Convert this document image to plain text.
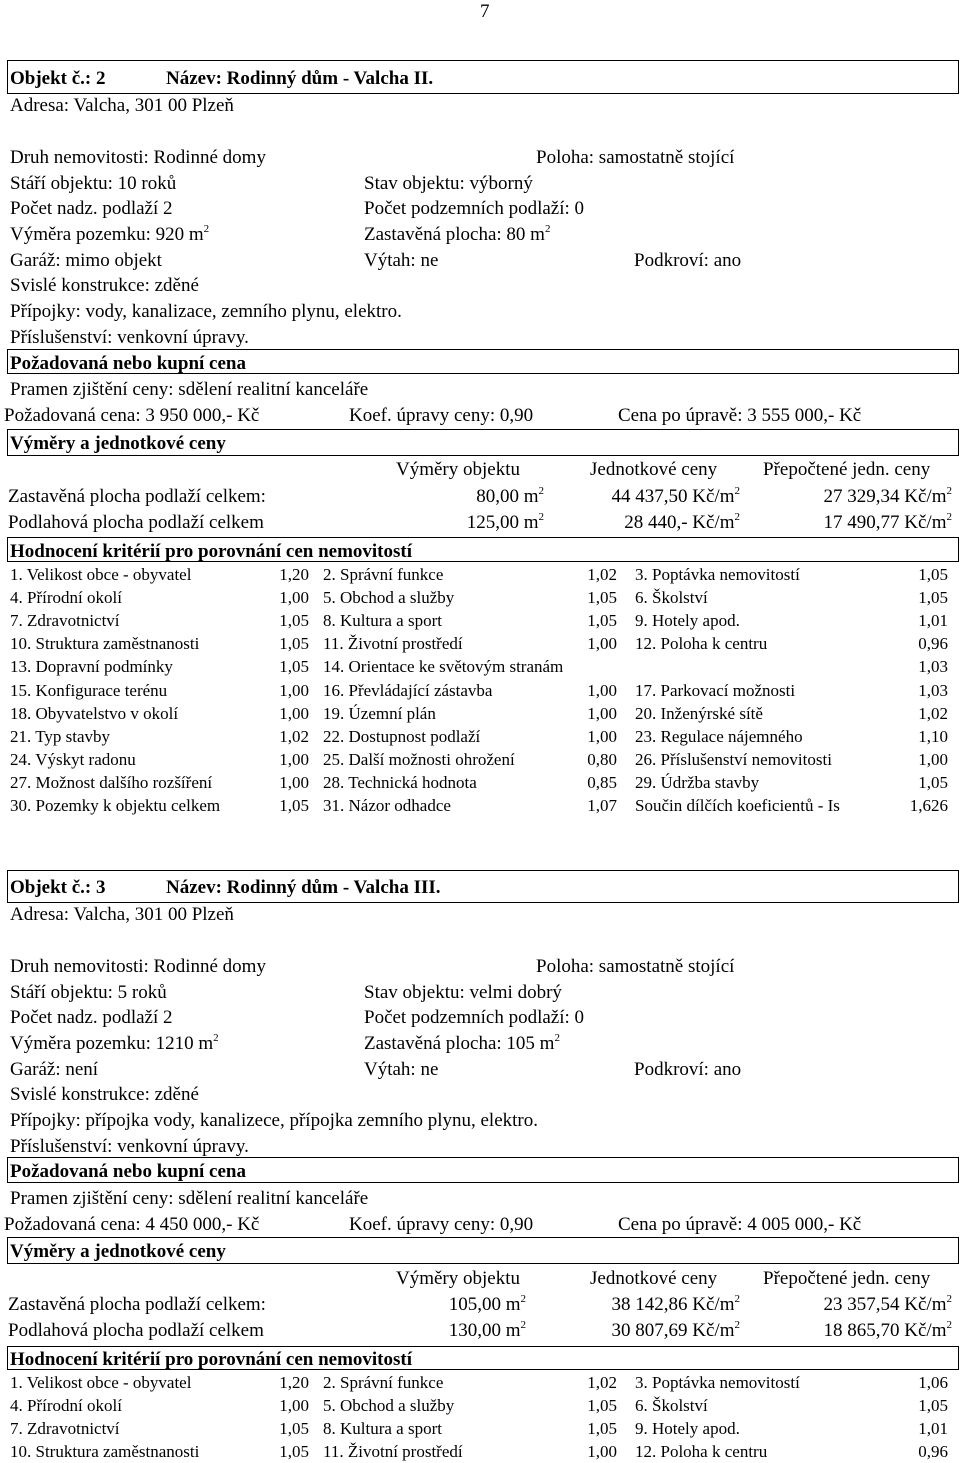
7
Objekt č.: 2	Název: Rodinný dům - Valcha II.
Adresa: Valcha, 301 00 Plzeň
Druh nemovitosti: Rodinné domy	Poloha: samostatně stojící
Stáří objektu: 10 roků	Stav objektu: výborný
Počet nadz. podlaží 2	Počet podzemních podlaží: 0
Výměra pozemku: 920 $m^2$	Zastavěná plocha: 80 $m^2$
Garáž: mimo objekt	Výtah: ne	Podkroví: ano
Svislé konstrukce: zděné
Přípojky: vody, kanalizace, zemního plynu, elektro.
Příslušenství: venkovní úpravy.
Požadovaná nebo kupní cena
Pramen zjištění ceny: sdělení realitní kanceláře
Požadovaná cena: 3 950 000,- Kč	Koef. úpravy ceny: 0,90	Cena po úpravě: 3 555 000,- Kč
Výměry a jednotkové ceny
Výměry objektu	Jednotkové ceny Přepočtené jedn. ceny
Zastavěná plocha podlaží celkem:	80,00 $m^2$	44 437,50 $Kč/m^2$	27 329,34 $Kč/m^2$
Podlahová plocha podlaží celkem	125,00 $m^2$	28 440,- $Kč/m^2$	17 490,77 $Kč/m^2$
Hodnocení kritérií pro porovnání cen nemovitostí
1. Velikost obce - obyvatel	1,20 2. Správní funkce	1,02 3. Poptávka nemovitostí	1,05
4. Přírodní okolí	1,00 5. Obchod a služby	1,05 6. Školství	1,05
7. Zdravotnictví	1,05 8. Kultura a sport	1,05 9. Hotely apod.	1,01
10. Struktura zaměstnanosti	1,05 11. Životní prostředí	1,00 12. Poloha k centru	0,96
13. Dopravní podmínky	1,05 14. Orientace ke světovým stranám	1,03
15. Konfigurace terénu	1,00 16. Převládající zástavba	1,00 17. Parkovací možnosti	1,03
18. Obyvatelstvo v okolí	1,00 19. Územní plán	1,00 20. Inženýrské sítě	1,02
21. Typ stavby	1,02 22. Dostupnost podlaží	1,00 23. Regulace nájemného	1,10
24. Výskyt radonu	1,00 25. Další možnosti ohrožení	0,80 26. Příslušenství nemovitosti	1,00
27. Možnost dalšího rozšíření	1,00 28. Technická hodnota	0,85 29. Údržba stavby	1,05
30. Pozemky k objektu celkem	1,05 31. Názor odhadce	1,07 Součin dílčích koeficientů - Is	1,626
Objekt č.: 3	Název: Rodinný dům - Valcha III.
Adresa: Valcha, 301 00 Plzeň
Druh nemovitosti: Rodinné domy	Poloha: samostatně stojící
Stáří objektu: 5 roků	Stav objektu: velmi dobrý
Počet nadz. podlaží 2	Počet podzemních podlaží: 0
Výměra pozemku: 1210 $m^2$	Zastavěná plocha: 105 $m^2$
Garáž: není	Výtah: ne	Podkroví: ano
Svislé konstrukce: zděné
Přípojky: přípojka vody, kanalizece, přípojka zemního plynu, elektro.
Příslušenství: venkovní úpravy.
Požadovaná nebo kupní cena
Pramen zjištění ceny: sdělení realitní kanceláře
Požadovaná cena: 4 450 000,- Kč	Koef. úpravy ceny: 0,90	Cena po úpravě: 4 005 000,- Kč
Výměry a jednotkové ceny
Výměry objektu	Jednotkové ceny Přepočtené jedn. ceny
Zastavěná plocha podlaží celkem:	105,00 $m^2$	38 142,86 $Kč/m^2$	23 357,54 $Kč/m^2$
Podlahová plocha podlaží celkem	130,00 $m^2$	30 807,69 $Kč/m^2$	18 865,70 $Kč/m^2$
Hodnocení kritérií pro porovnání cen nemovitostí
1. Velikost obce - obyvatel	1,20 2. Správní funkce	1,02 3. Poptávka nemovitostí	1,06
4. Přírodní okolí	1,00 5. Obchod a služby	1,05 6. Školství	1,05
7. Zdravotnictví	1,05 8. Kultura a sport	1,05 9. Hotely apod.	1,01
10. Struktura zaměstnanosti	1,05 11. Životní prostředí	1,00 12. Poloha k centru	0,96
